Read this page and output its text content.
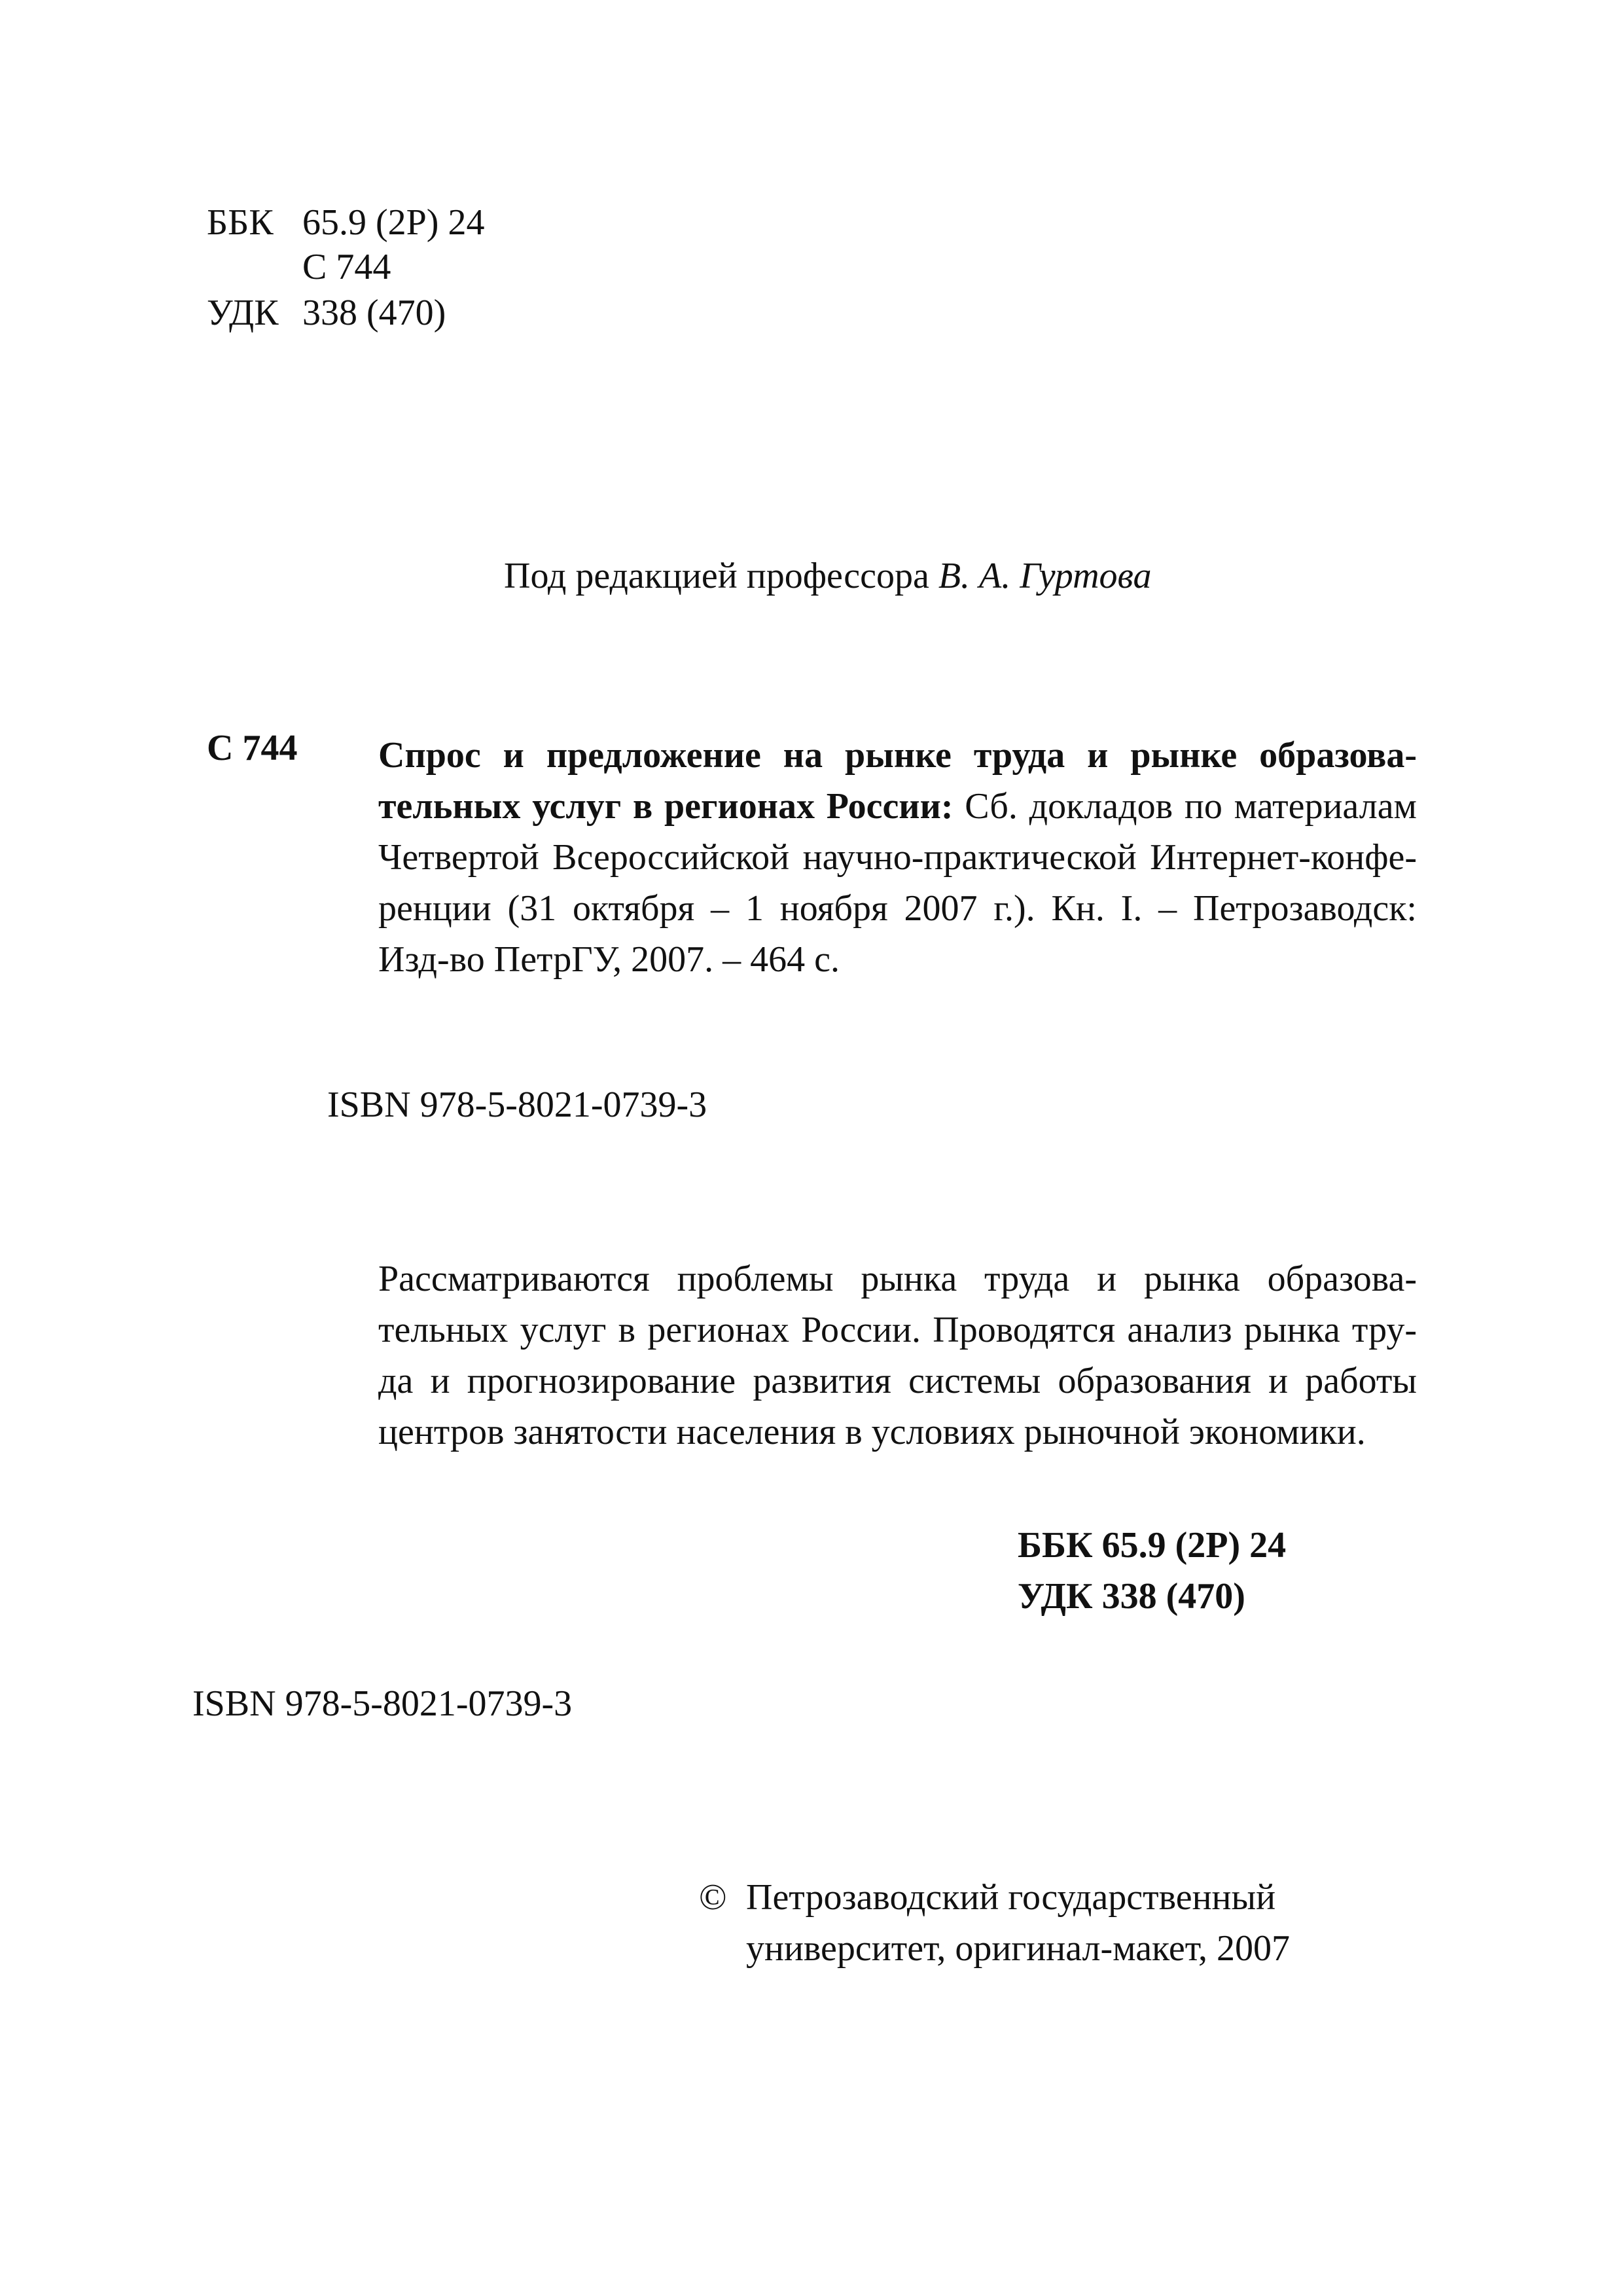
ББК 65.9 (2Р) 24
С 744
УДК 338 (470)
Под редакцией профессора В. А. Гуртова
С 744 Спрос и предложение на рынке труда и рынке образова-
тельных услуг в регионах России: Сб. докладов по материалам
Четвертой Всероссийской научно-практической Интернет-конфе-
ренции (31 октября – 1 ноября 2007 г.). Кн. I. – Петрозаводск:
Изд-во ПетрГУ, 2007. – 464 с.
ISBN 978-5-8021-0739-3
Рассматриваются проблемы рынка труда и рынка образова-
тельных услуг в регионах России. Проводятся анализ рынка тру-
да и прогнозирование развития системы образования и работы
центров занятости населения в условиях рыночной экономики.
ББК 65.9 (2Р) 24
УДК 338 (470)
ISBN 978-5-8021-0739-3
© Петрозаводский государственный
университет, оригинал-макет, 2007
